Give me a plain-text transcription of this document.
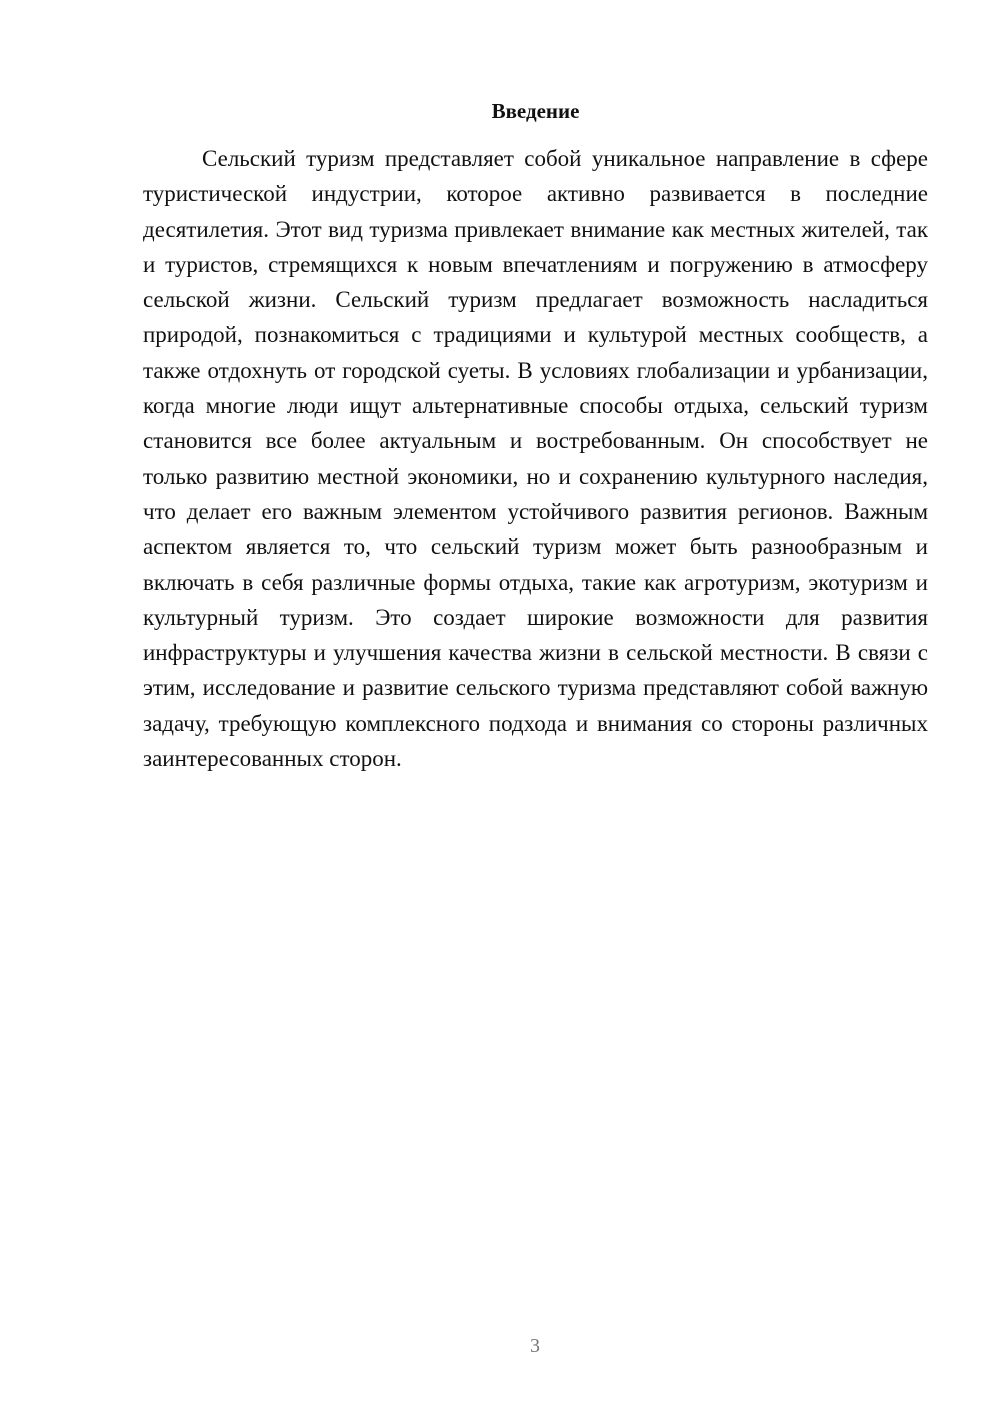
Введение

Сельский туризм представляет собой уникальное направление в сфере туристической индустрии, которое активно развивается в последние десятилетия. Этот вид туризма привлекает внимание как местных жителей, так и туристов, стремящихся к новым впечатлениям и погружению в атмосферу сельской жизни. Сельский туризм предлагает возможность насладиться природой, познакомиться с традициями и культурой местных сообществ, а также отдохнуть от городской суеты. В условиях глобализации и урбанизации, когда многие люди ищут альтернативные способы отдыха, сельский туризм становится все более актуальным и востребованным. Он способствует не только развитию местной экономики, но и сохранению культурного наследия, что делает его важным элементом устойчивого развития регионов. Важным аспектом является то, что сельский туризм может быть разнообразным и включать в себя различные формы отдыха, такие как агротуризм, экотуризм и культурный туризм. Это создает широкие возможности для развития инфраструктуры и улучшения качества жизни в сельской местности. В связи с этим, исследование и развитие сельского туризма представляют собой важную задачу, требующую комплексного подхода и внимания со стороны различных заинтересованных сторон.

3
